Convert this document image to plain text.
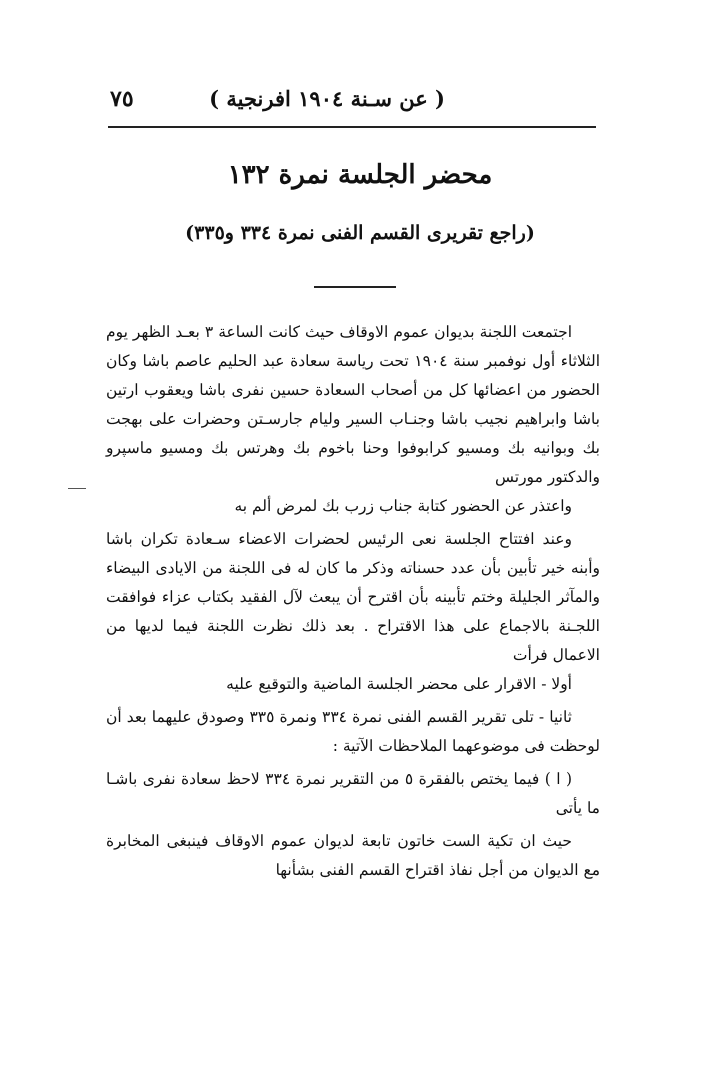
( عن سـنة ١٩٠٤ افرنجية )
٧٥
محضر الجلسة نمرة ١٣٢
(راجع تقريرى القسم الفنى نمرة ٣٣٤ و٣٣٥)

اجتمعت اللجنة بديوان عموم الاوقاف حيث كانت الساعة ٣ بعـد الظهر يوم الثلاثاء أول نوفمبر سنة ١٩٠٤ تحت رياسة سعادة عبد الحليم عاصم باشا وكان الحضور من اعضائها كل من أصحاب السعادة حسين نفرى باشا ويعقوب ارتين باشا وابراهيم نجيب باشا وجنـاب السير وليام جارسـتن وحضرات على بهجت بك وبوانيه بك ومسيو كرابوفوا وحنا باخوم بك وهرتس بك ومسيو ماسپرو والدكتور مورتس

واعتذر عن الحضور كتابة جناب زرب بك لمرض ألم به

وعند افتتاح الجلسة نعى الرئيس لحضرات الاعضاء سـعادة تكران باشا وأبنه خير تأبين بأن عدد حسناته وذكر ما كان له فى اللجنة من الايادى البيضاء والمآثر الجليلة وختم تأبينه بأن اقترح أن يبعث لآل الفقيد بكتاب عزاء فوافقت اللجـنة بالاجماع على هذا الاقتراح . بعد ذلك نظرت اللجنة فيما لديها من الاعمال فرأت

أولا - الاقرار على محضر الجلسة الماضية والتوقيع عليه

ثانيا - تلى تقرير القسم الفنى نمرة ٣٣٤ ونمرة ٣٣٥ وصودق عليهما بعد أن لوحظت فى موضوعهما الملاحظات الآتية :

( ا ) فيما يختص بالفقرة ٥ من التقرير نمرة ٣٣٤ لاحظ سعادة نفرى باشـا ما يأتى

حيث ان تكية الست خاتون تابعة لديوان عموم الاوقاف فينبغى المخابرة مع الديوان من أجل نفاذ اقتراح القسم الفنى بشأنها
